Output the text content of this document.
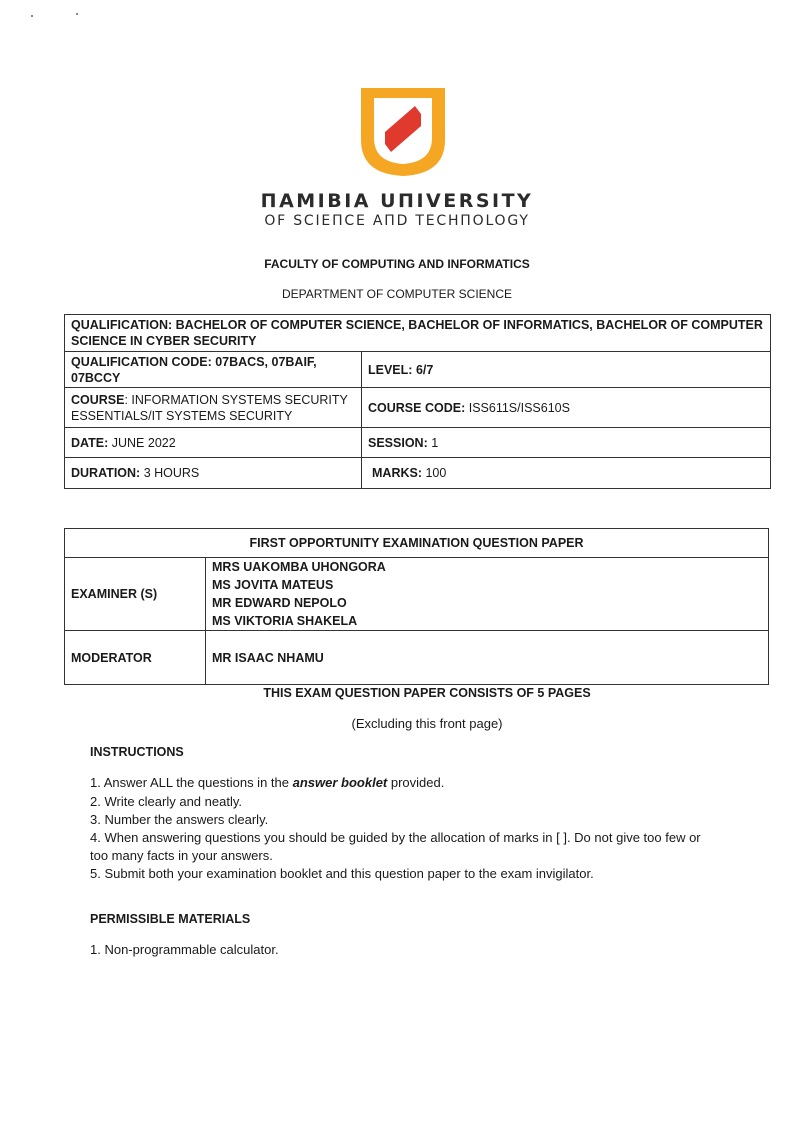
ΠΑΜΙΒΙΑ UΠIVERSITY
OF SCIEПCE AПD TECHПOLOGY
FACULTY OF COMPUTING AND INFORMATICS
DEPARTMENT OF COMPUTER SCIENCE
QUALIFICATION: BACHELOR OF COMPUTER SCIENCE, BACHELOR OF INFORMATICS, BACHELOR OF COMPUTER SCIENCE IN CYBER SECURITY	
QUALIFICATION CODE: 07BACS, 07BAIF, 07BCCY	LEVEL: 6/7
COURSE: INFORMATION SYSTEMS SECURITY ESSENTIALS/IT SYSTEMS SECURITY	COURSE CODE: ISS611S/ISS610S
DATE: JUNE 2022	SESSION: 1
DURATION: 3 HOURS	MARKS: 100
FIRST OPPORTUNITY EXAMINATION QUESTION PAPER	
EXAMINER (S)	MRS UAKOMBA UHONGORA
MS JOVITA MATEUS
MR EDWARD NEPOLO
MS VIKTORIA SHAKELA

MODERATOR	MR ISAAC NHAMU
THIS EXAM QUESTION PAPER CONSISTS OF 5 PAGES
(Excluding this front page)
INSTRUCTIONS
1. Answer ALL the questions in the answer booklet provided.
2. Write clearly and neatly.
3. Number the answers clearly.
4. When answering questions you should be guided by the allocation of marks in [ ]. Do not give too few or
too many facts in your answers.
5. Submit both your examination booklet and this question paper to the exam invigilator.
PERMISSIBLE MATERIALS
1. Non-programmable calculator.
